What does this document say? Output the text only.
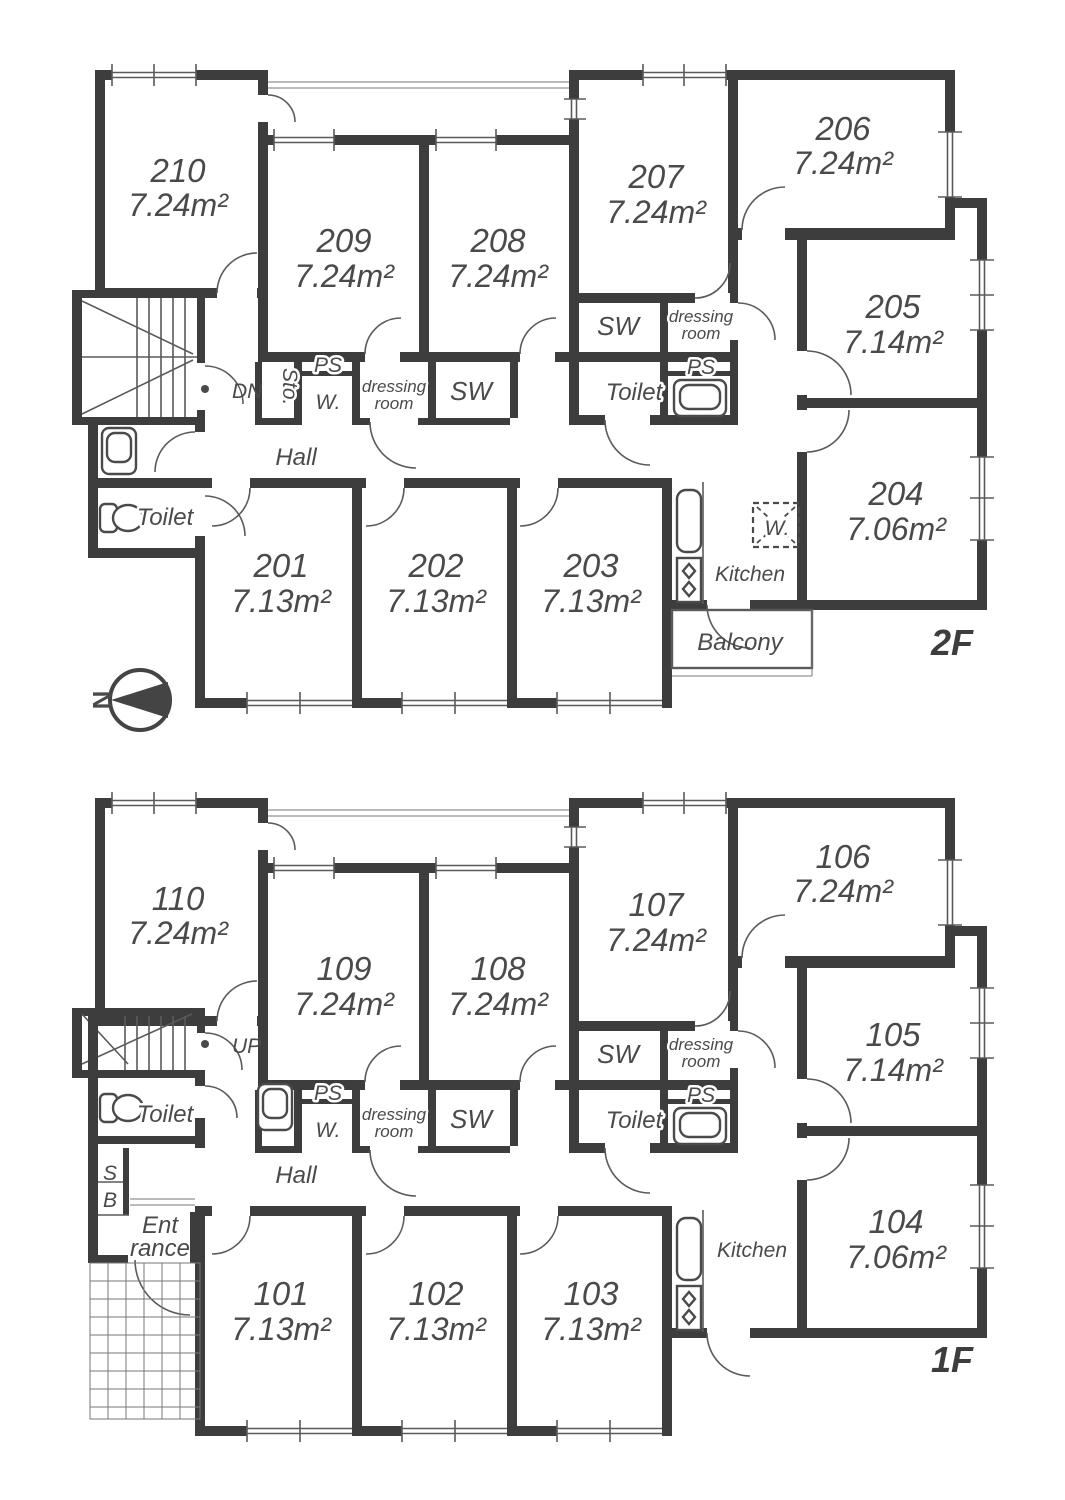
N
210
7.24m²
209
7.24m²
208
7.24m²
207
7.24m²
206
7.24m²
205
7.14m²
204
7.06m²
201
7.13m²
202
7.13m²
203
7.13m²
DN Sto.
PS
W.
dressing
room SW
Hall
Toilet
SW dressing
room
PS
Toilet
Kitchen
W.
Balcony	2F
110
7.24m²
109
7.24m²
108
7.24m²
107
7.24m²
106
7.24m²
105
7.14m²
104
7.06m²
101
7.13m²
102
7.13m²
103
7.13m²
UP
PS
W.
dressing
room SW
Hall
Toilet
SW dressing
room
PS
Toilet
Kitchen
S
B
Ent
rance
1F
